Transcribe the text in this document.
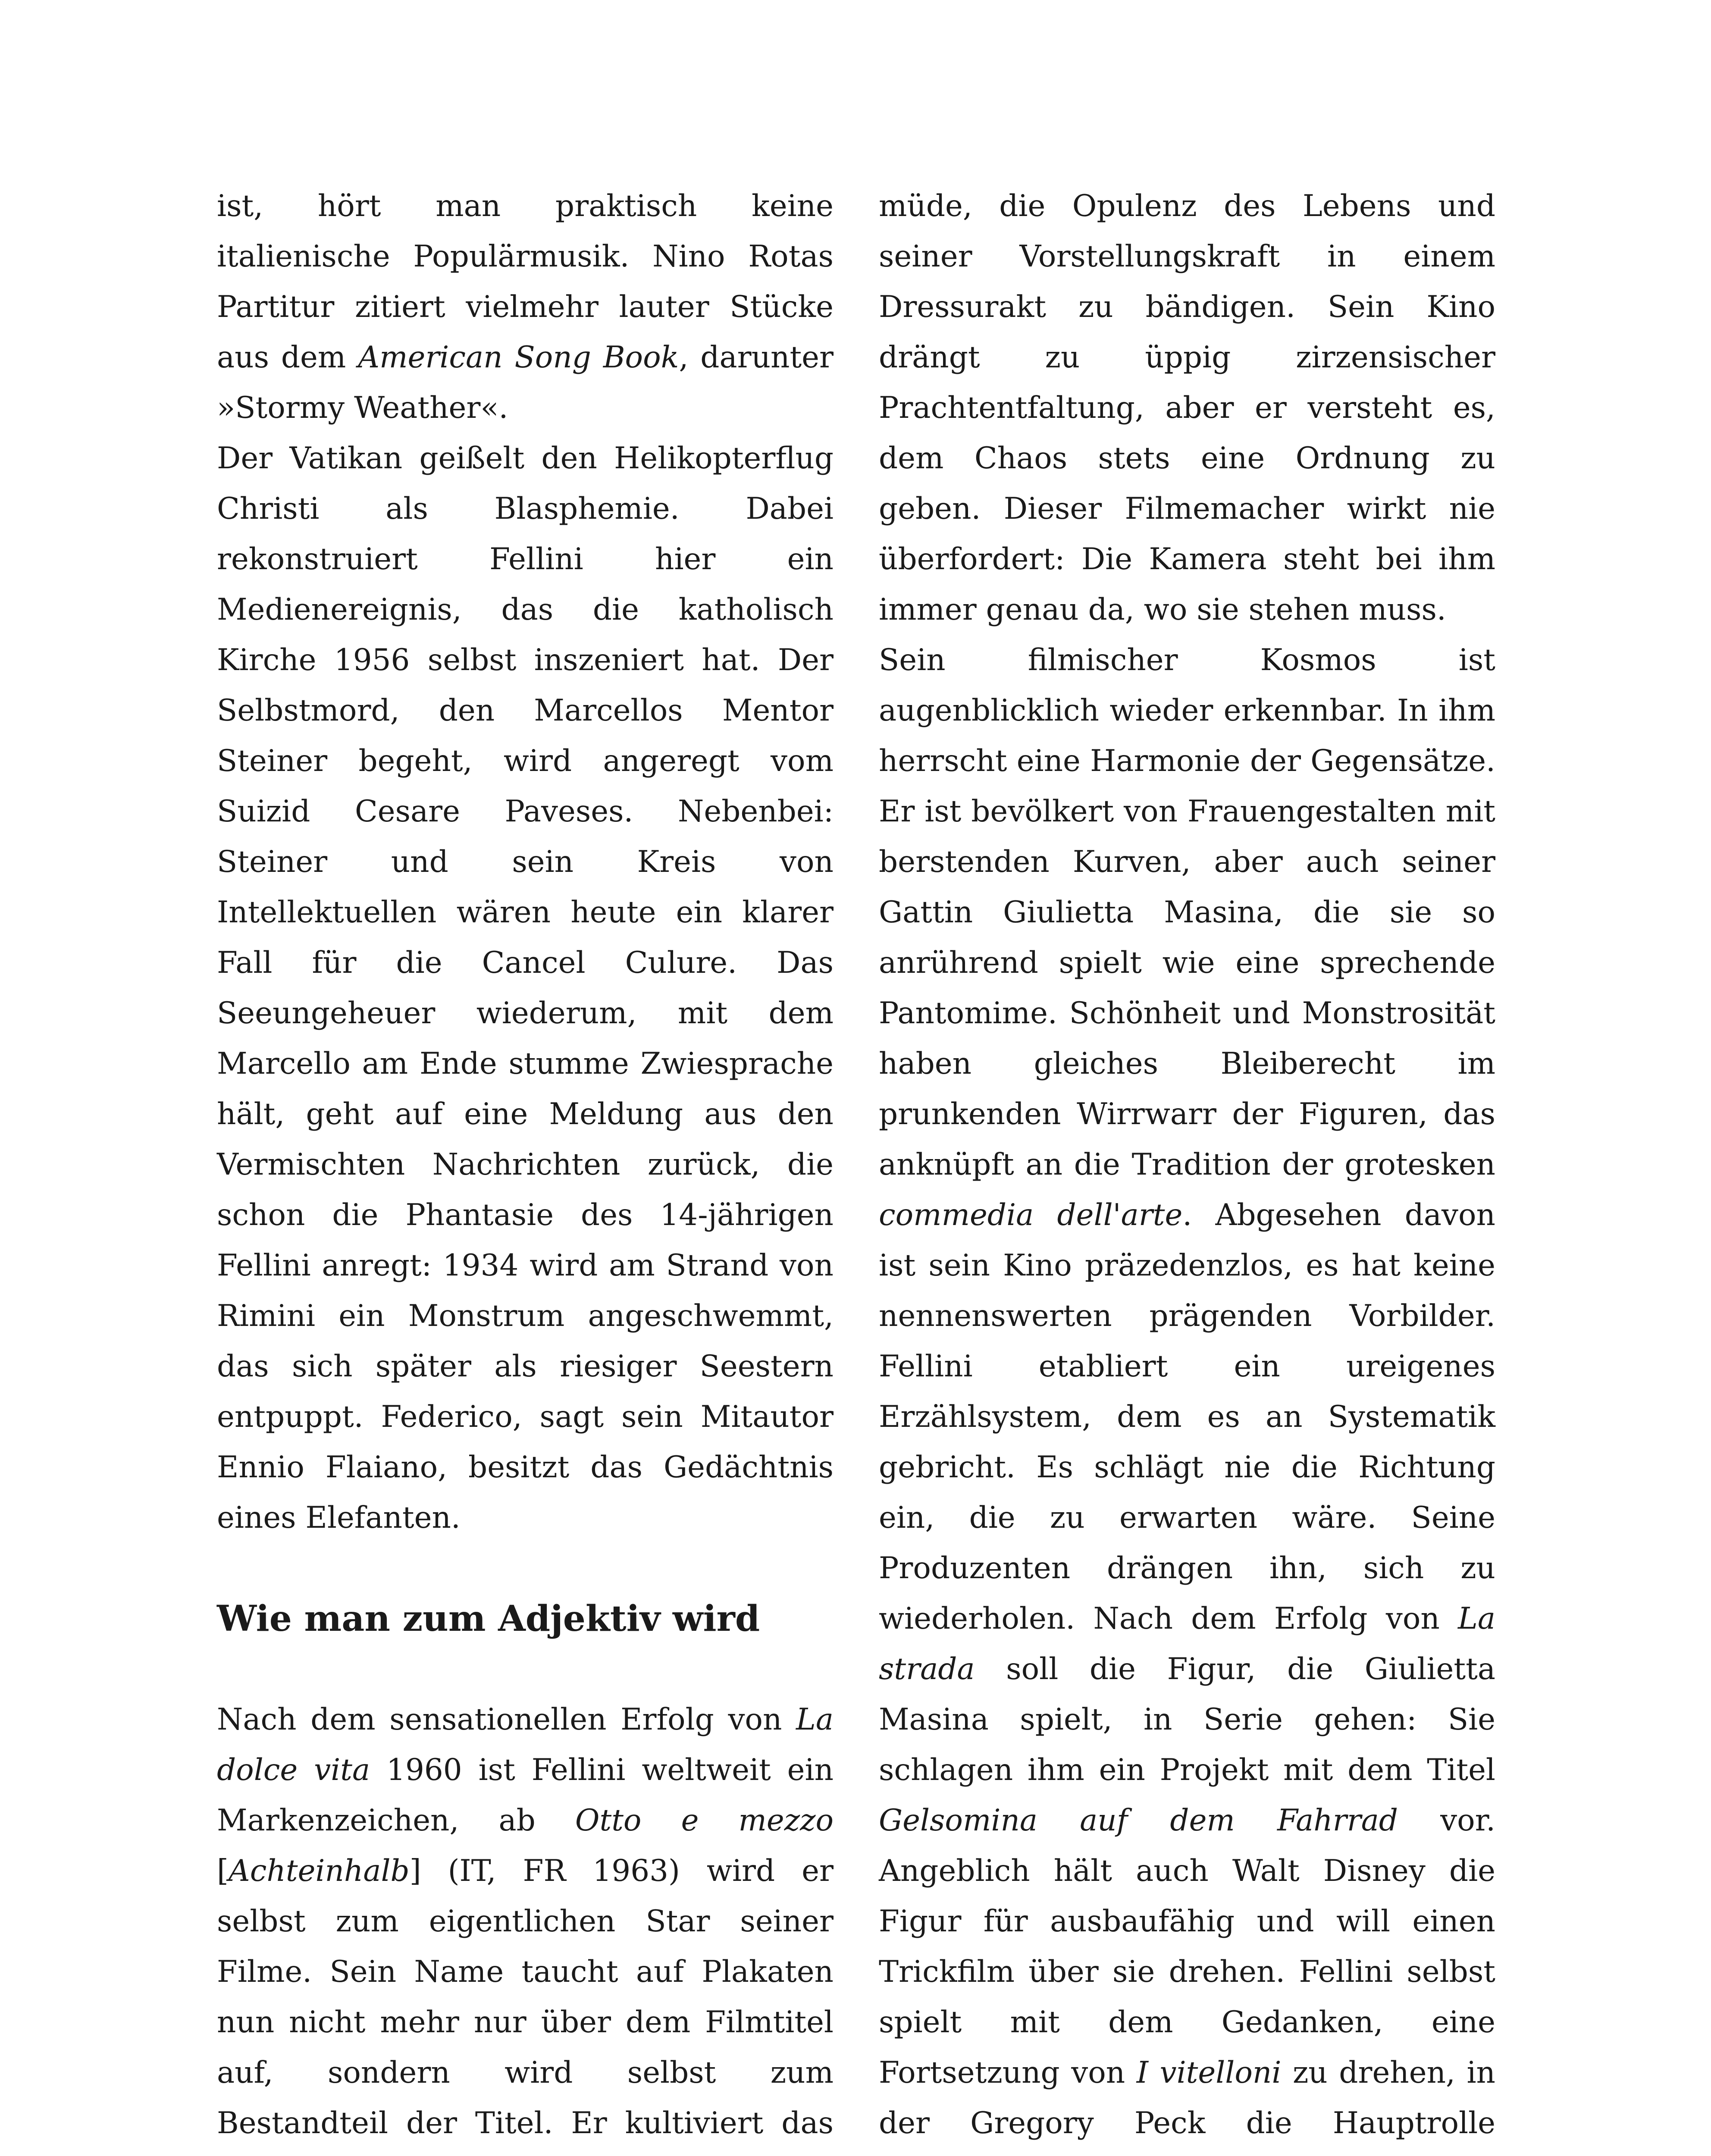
ist, hört man praktisch keine italienische Populärmusik. Nino Rotas Partitur zitiert vielmehr lauter Stücke aus dem American Song Book, darunter »Stormy Weather«.

Der Vatikan geißelt den Helikopterflug Christi als Blasphemie. Dabei rekonstruiert Fellini hier ein Medienereignis, das die katholisch Kirche 1956 selbst inszeniert hat. Der Selbstmord, den Marcellos Mentor Steiner begeht, wird angeregt vom Suizid Cesare Paveses. Nebenbei: Steiner und sein Kreis von Intellektuellen wären heute ein klarer Fall für die Cancel Culure. Das Seeungeheuer wiederum, mit dem Marcello am Ende stumme Zwiesprache hält, geht auf eine Meldung aus den Vermischten Nachrichten zurück, die schon die Phantasie des 14-jährigen Fellini anregt: 1934 wird am Strand von Rimini ein Monstrum angeschwemmt, das sich später als riesiger Seestern entpuppt. Federico, sagt sein Mitautor Ennio Flaiano, besitzt das Gedächtnis eines Elefanten.

Wie man zum Adjektiv wird

Nach dem sensationellen Erfolg von La dolce vita 1960 ist Fellini weltweit ein Markenzeichen, ab Otto e mezzo [Achteinhalb] (IT, FR 1963) wird er selbst zum eigentlichen Star seiner Filme. Sein Name taucht auf Plakaten nun nicht mehr nur über dem Filmtitel auf, sondern wird selbst zum Bestandteil der Titel. Er kultiviert das

müde, die Opulenz des Lebens und seiner Vorstellungskraft in einem Dressurakt zu bändigen. Sein Kino drängt zu üppig zirzensischer Prachtentfaltung, aber er versteht es, dem Chaos stets eine Ordnung zu geben. Dieser Filmemacher wirkt nie überfordert: Die Kamera steht bei ihm immer genau da, wo sie stehen muss.

Sein filmischer Kosmos ist augenblicklich wieder erkennbar. In ihm herrscht eine Harmonie der Gegensätze. Er ist bevölkert von Frauengestalten mit berstenden Kurven, aber auch seiner Gattin Giulietta Masina, die sie so anrührend spielt wie eine sprechende Pantomime. Schönheit und Monstrosität haben gleiches Bleiberecht im prunkenden Wirrwarr der Figuren, das anknüpft an die Tradition der grotesken commedia dell'arte. Abgesehen davon ist sein Kino präzedenzlos, es hat keine nennenswerten prägenden Vorbilder. Fellini etabliert ein ureigenes Erzählsystem, dem es an Systematik gebricht. Es schlägt nie die Richtung ein, die zu erwarten wäre. Seine Produzenten drängen ihn, sich zu wiederholen. Nach dem Erfolg von La strada soll die Figur, die Giulietta Masina spielt, in Serie gehen: Sie schlagen ihm ein Projekt mit dem Titel Gelsomina auf dem Fahrrad vor. Angeblich hält auch Walt Disney die Figur für ausbaufähig und will einen Trickfilm über sie drehen. Fellini selbst spielt mit dem Gedanken, eine Fortsetzung von I vitelloni zu drehen, in der Gregory Peck die Hauptrolle
